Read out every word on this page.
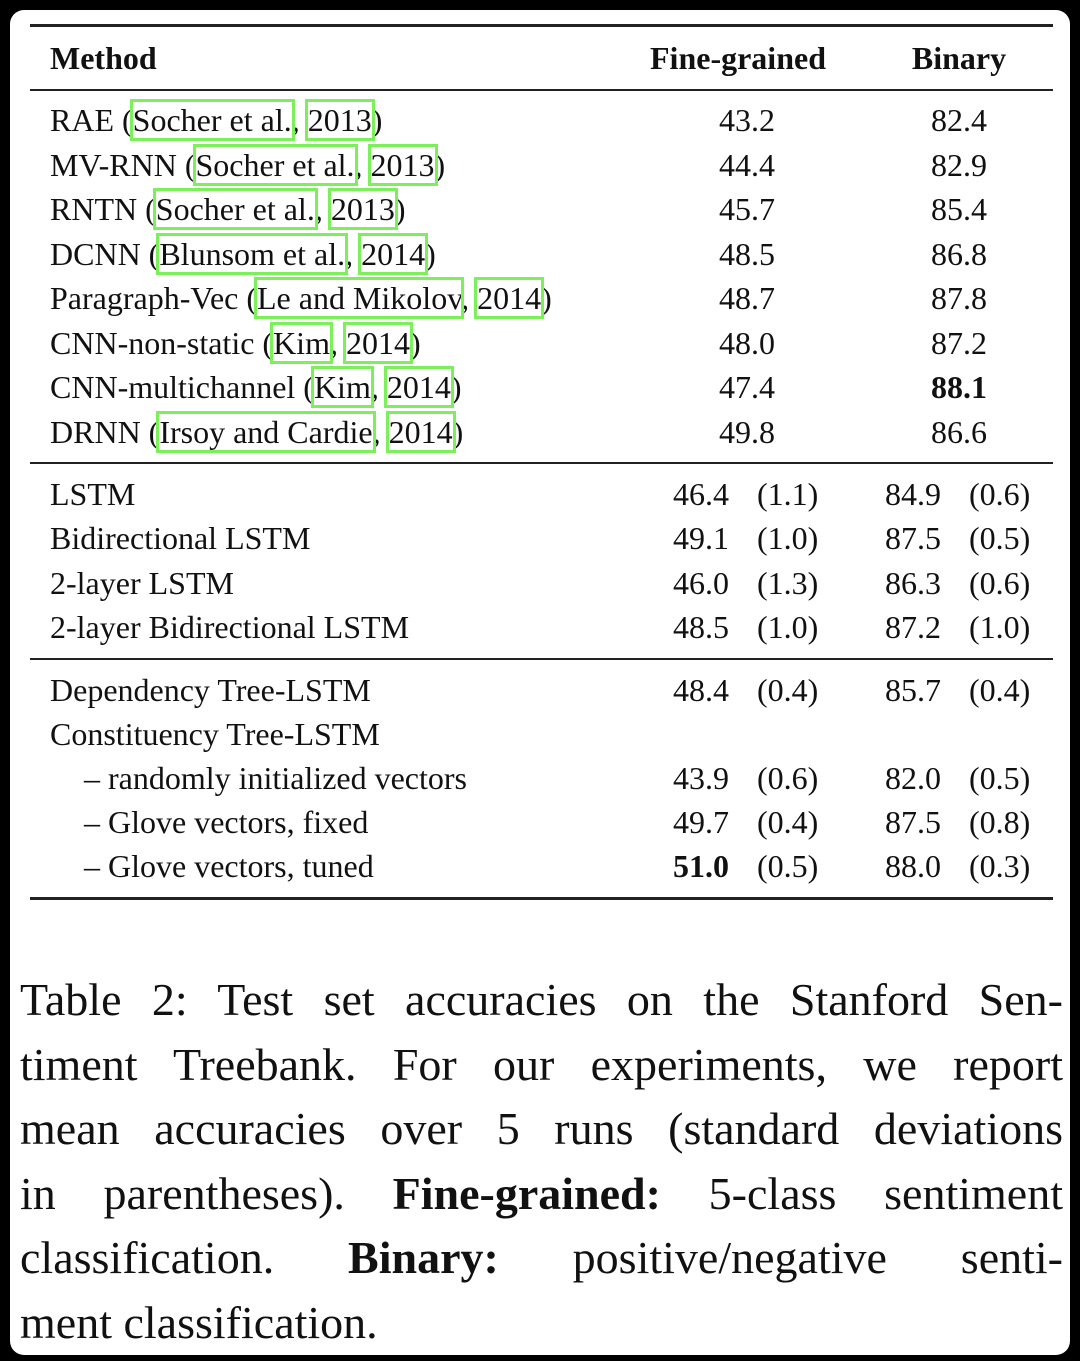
Method	Fine-grained	Binary
RAE (Socher et al., 2013)	43.2	82.4
MV-RNN (Socher et al., 2013)	44.4	82.9
RNTN (Socher et al., 2013)	45.7	85.4
DCNN (Blunsom et al., 2014)	48.5	86.8
Paragraph-Vec (Le and Mikolov, 2014)	48.7	87.8
CNN-non-static (Kim, 2014)	48.0	87.2
CNN-multichannel (Kim, 2014)	47.4	88.1
DRNN (Irsoy and Cardie, 2014)	49.8	86.6
LSTM	46.4 (1.1) 84.9 (0.6)
Bidirectional LSTM	49.1 (1.0) 87.5 (0.5)
2-layer LSTM	46.0 (1.3) 86.3 (0.6)
2-layer Bidirectional LSTM	48.5 (1.0) 87.2 (1.0)
Dependency Tree-LSTM	48.4 (0.4) 85.7 (0.4)
Constituency Tree-LSTM
– randomly initialized vectors	43.9 (0.6) 82.0 (0.5)
– Glove vectors, fixed	49.7 (0.4) 87.5 (0.8)
– Glove vectors, tuned	51.0 (0.5) 88.0 (0.3)
Table 2: Test set accuracies on the Stanford Sen-
timent Treebank. For our experiments, we report
mean accuracies over 5 runs (standard deviations
in parentheses). Fine-grained: 5-class sentiment
classification. Binary: positive/negative senti-
ment classification.
